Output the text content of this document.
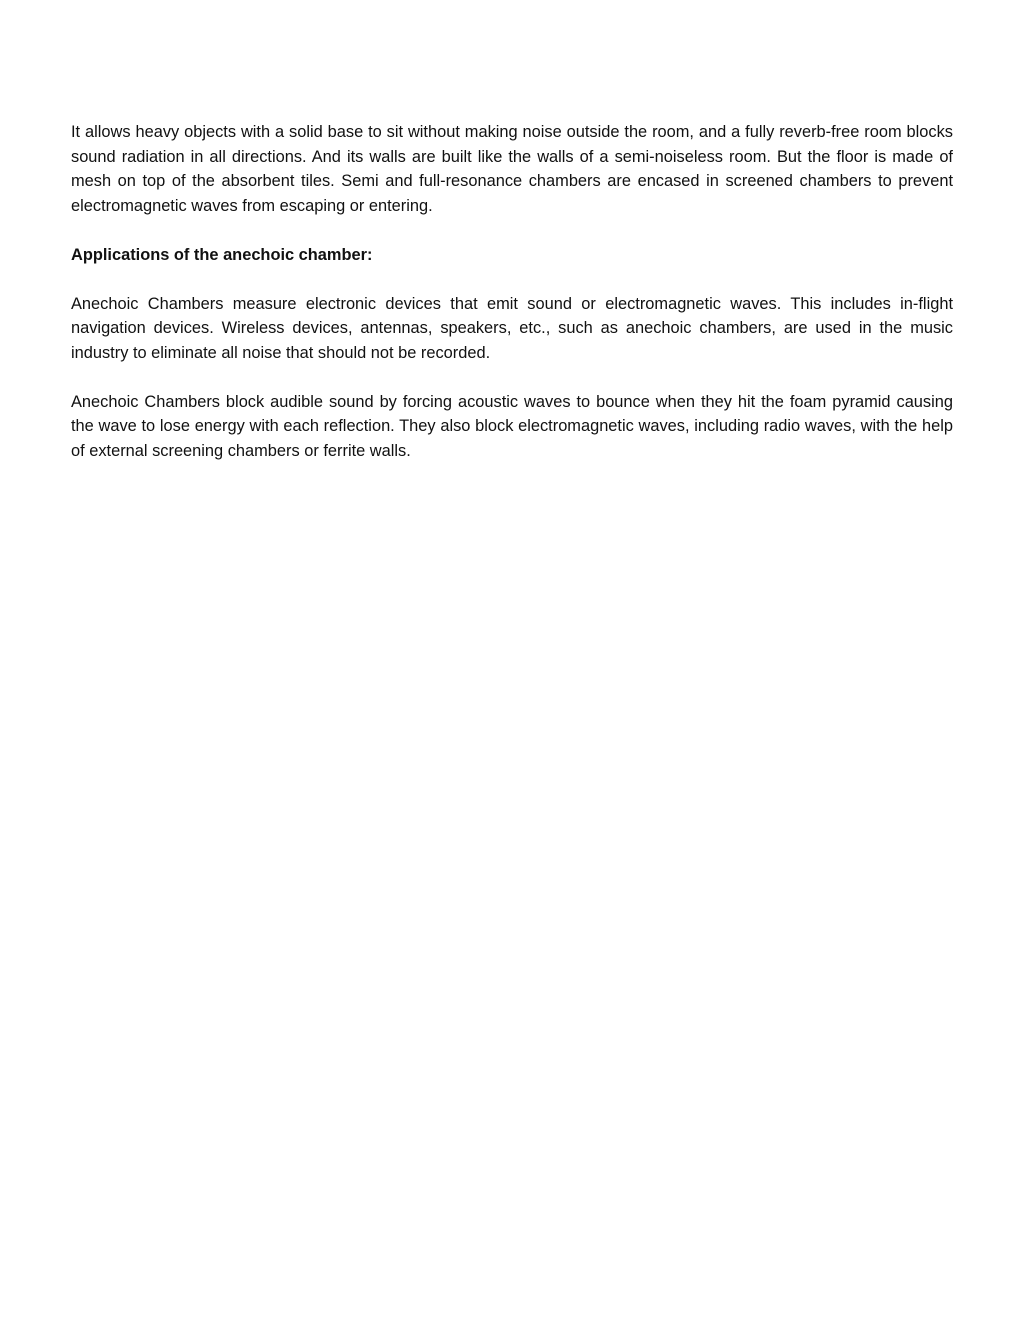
It allows heavy objects with a solid base to sit without making noise outside the room, and a fully reverb-free room blocks sound radiation in all directions. And its walls are built like the walls of a semi-noiseless room. But the floor is made of mesh on top of the absorbent tiles. Semi and full-resonance chambers are encased in screened chambers to prevent electromagnetic waves from escaping or entering.

Applications of the anechoic chamber:

Anechoic Chambers measure electronic devices that emit sound or electromagnetic waves. This includes in-flight navigation devices. Wireless devices, antennas, speakers, etc., such as anechoic chambers, are used in the music industry to eliminate all noise that should not be recorded.

Anechoic Chambers block audible sound by forcing acoustic waves to bounce when they hit the foam pyramid causing the wave to lose energy with each reflection. They also block electromagnetic waves, including radio waves, with the help of external screening chambers or ferrite walls.
